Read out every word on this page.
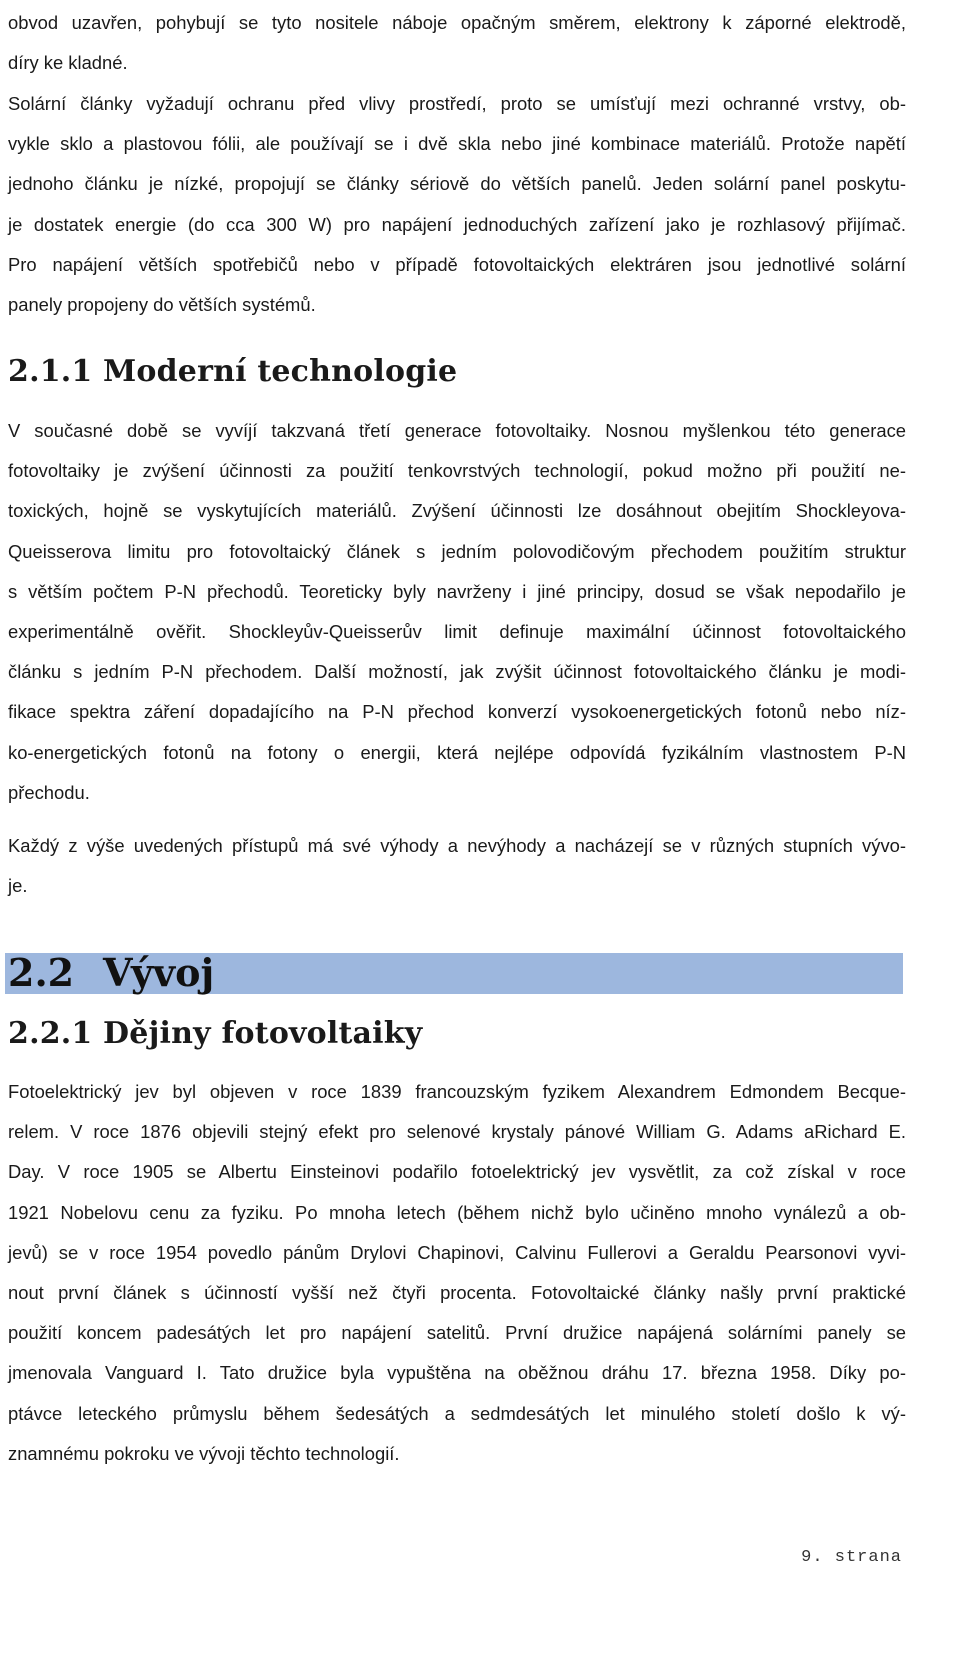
obvod uzavřen, pohybují se tyto nositele náboje opačným směrem, elektrony k záporné elektrodě,
díry ke kladné.
Solární články vyžadují ochranu před vlivy prostředí, proto se umísťují mezi ochranné vrstvy, ob-
vykle sklo a plastovou fólii, ale používají se i dvě skla nebo jiné kombinace materiálů. Protože napětí
jednoho článku je nízké, propojují se články sériově do větších panelů. Jeden solární panel poskytu-
je dostatek energie (do cca 300 W) pro napájení jednoduchých zařízení jako je rozhlasový přijímač.
Pro napájení větších spotřebičů nebo v případě fotovoltaických elektráren jsou jednotlivé solární
panely propojeny do větších systémů.
2.1.1 Moderní technologie
V současné době se vyvíjí takzvaná třetí generace fotovoltaiky. Nosnou myšlenkou této generace
fotovoltaiky je zvýšení účinnosti za použití tenkovrstvých technologií, pokud možno při použití ne-
toxických, hojně se vyskytujících materiálů. Zvýšení účinnosti lze dosáhnout obejitím Shockleyova-
Queisserova limitu pro fotovoltaický článek s jedním polovodičovým přechodem použitím struktur
s větším počtem P-N přechodů. Teoreticky byly navrženy i jiné principy, dosud se však nepodařilo je
experimentálně ověřit. Shockleyův-Queisserův limit definuje maximální účinnost fotovoltaického
článku s jedním P-N přechodem. Další možností, jak zvýšit účinnost fotovoltaického článku je modi-
fikace spektra záření dopadajícího na P-N přechod konverzí vysokoenergetických fotonů nebo níz-
ko-energetických fotonů na fotony o energii, která nejlépe odpovídá fyzikálním vlastnostem P-N
přechodu.
Každý z výše uvedených přístupů má své výhody a nevýhody a nacházejí se v různých stupních vývo-
je.
2.2 Vývoj
2.2.1 Dějiny fotovoltaiky
Fotoelektrický jev byl objeven v roce 1839 francouzským fyzikem Alexandrem Edmondem Becque-
relem. V roce 1876 objevili stejný efekt pro selenové krystaly pánové William G. Adams aRichard E.
Day. V roce 1905 se Albertu Einsteinovi podařilo fotoelektrický jev vysvětlit, za což získal v roce
1921 Nobelovu cenu za fyziku. Po mnoha letech (během nichž bylo učiněno mnoho vynálezů a ob-
jevů) se v roce 1954 povedlo pánům Drylovi Chapinovi, Calvinu Fullerovi a Geraldu Pearsonovi vyvi-
nout první článek s účinností vyšší než čtyři procenta. Fotovoltaické články našly první praktické
použití koncem padesátých let pro napájení satelitů. První družice napájená solárními panely se
jmenovala Vanguard I. Tato družice byla vypuštěna na oběžnou dráhu 17. března 1958. Díky po-
ptávce leteckého průmyslu během šedesátých a sedmdesátých let minulého století došlo k vý-
znamnému pokroku ve vývoji těchto technologií.
9. strana
